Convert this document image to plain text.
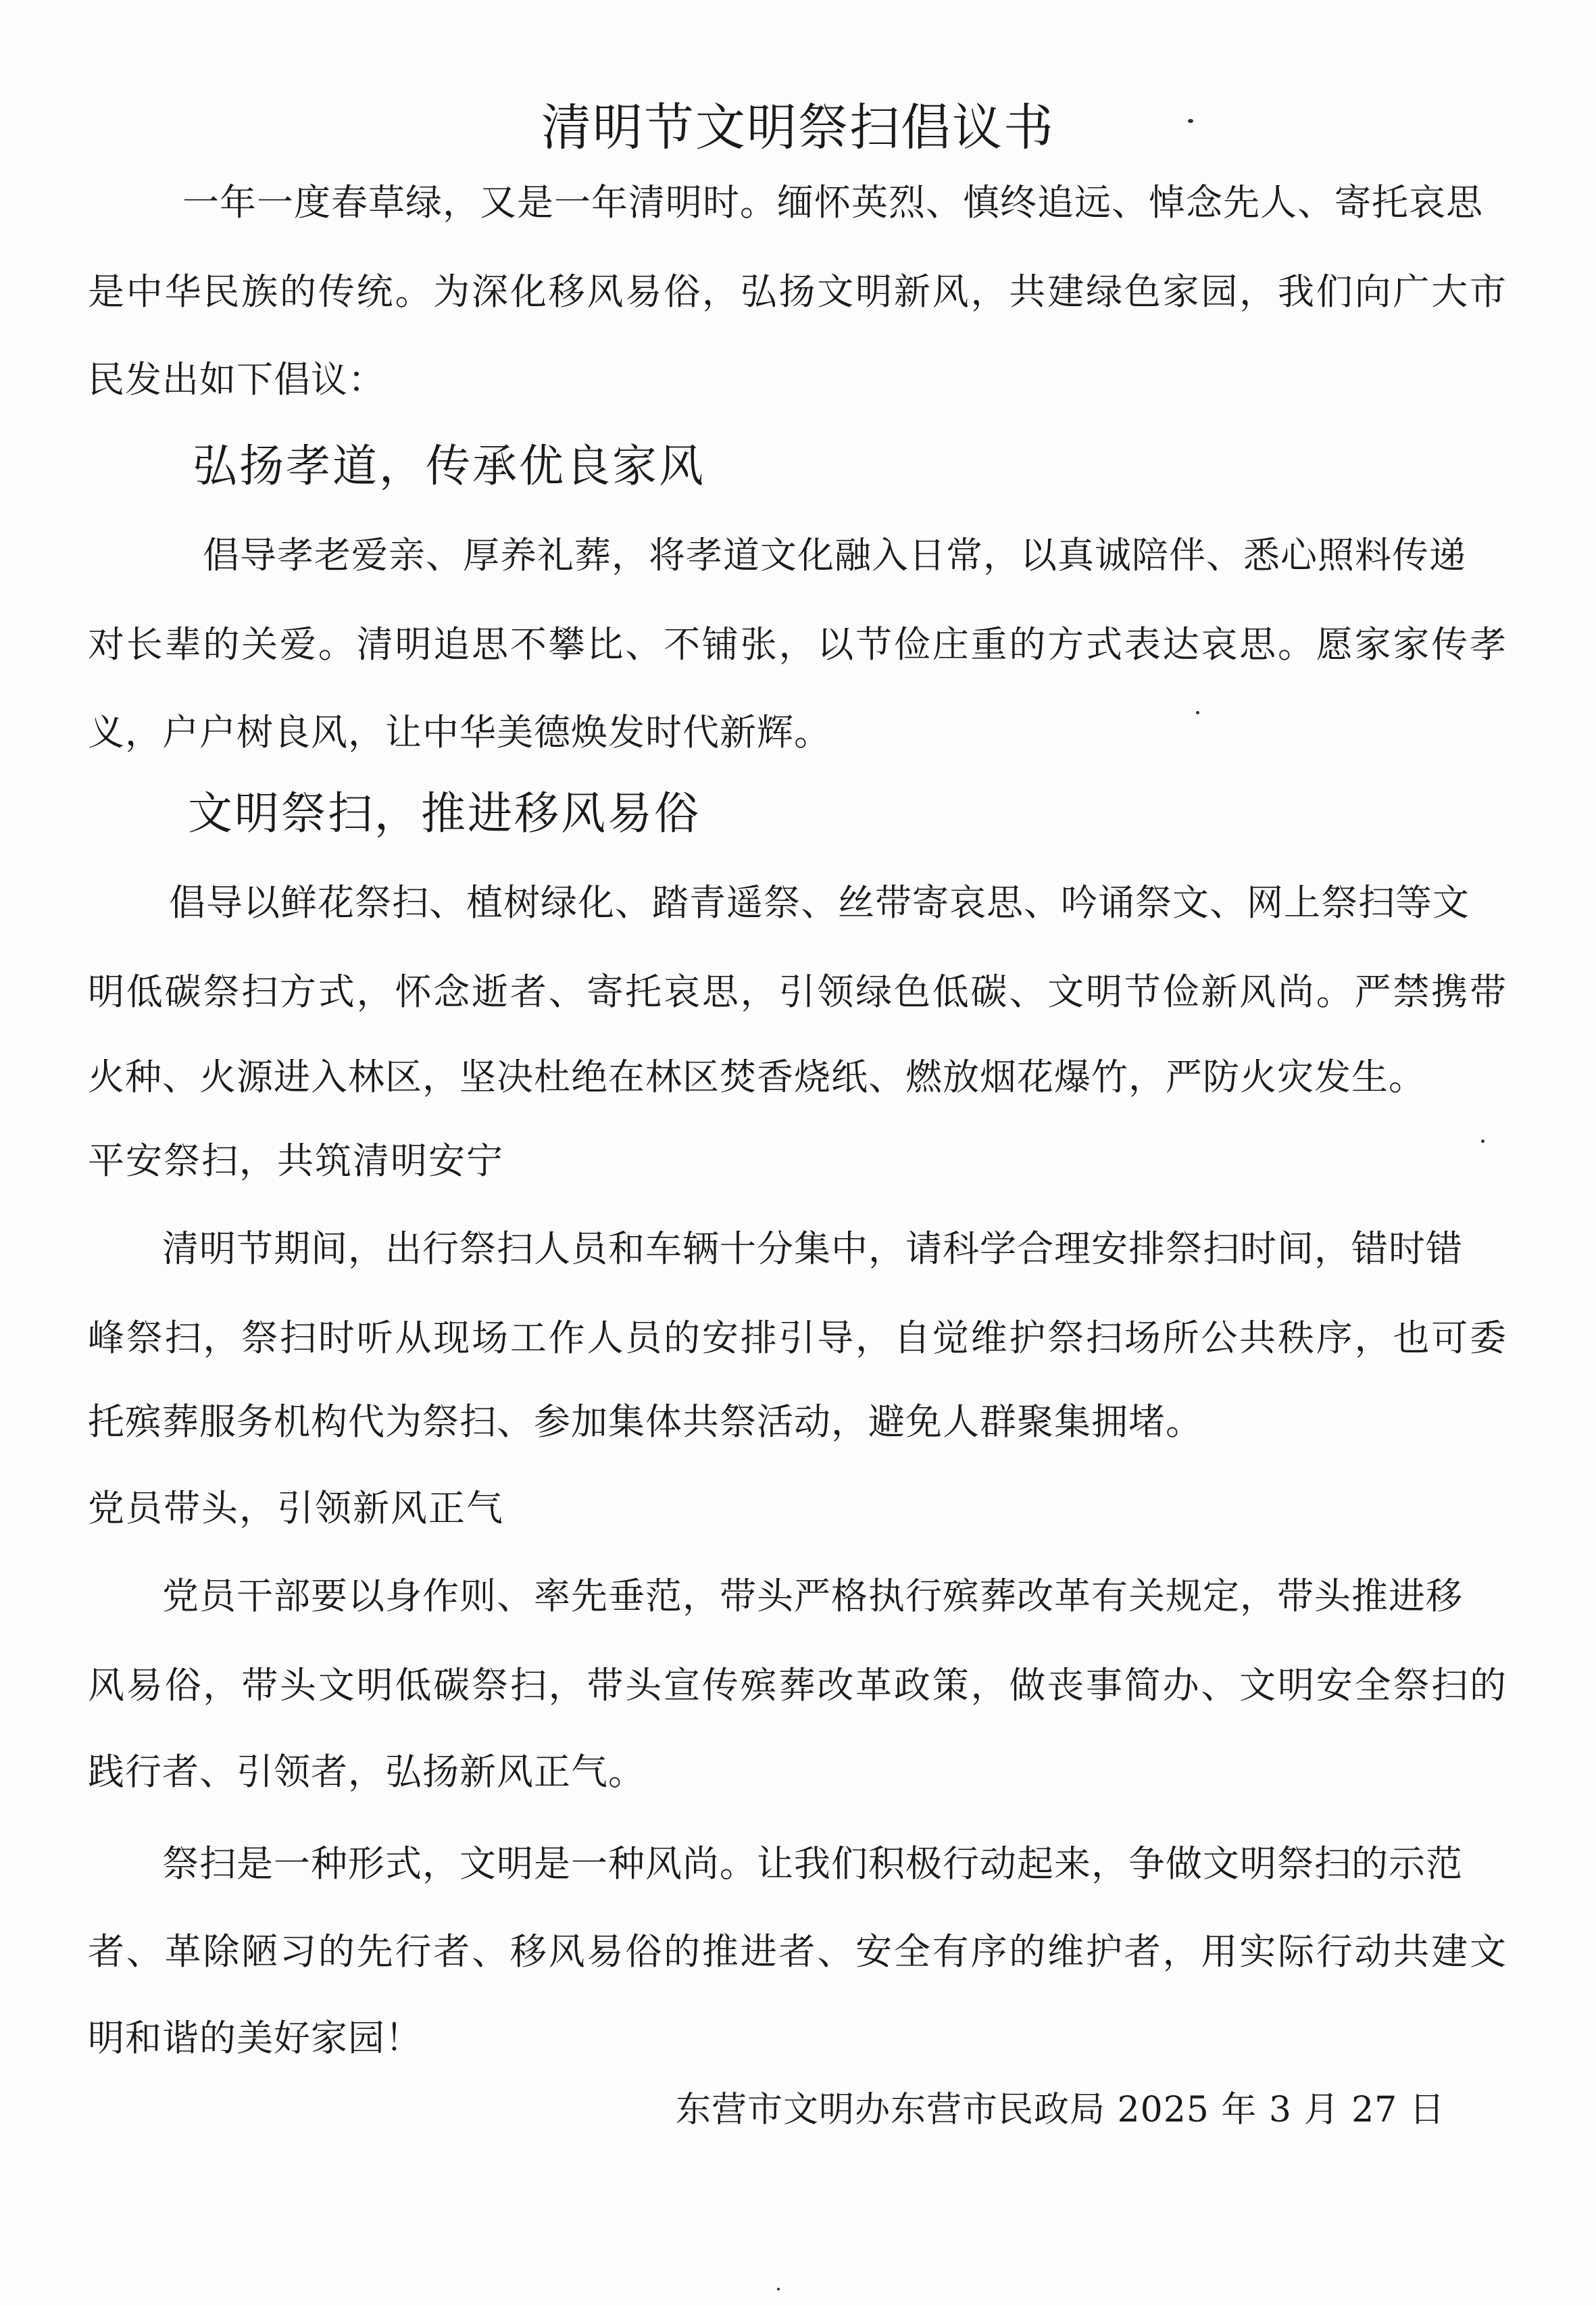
清明节文明祭扫倡议书
一年一度春草绿，又是一年清明时。缅怀英烈、慎终追远、悼念先人、寄托哀思
是中华民族的传统。为深化移风易俗，弘扬文明新风，共建绿色家园，我们向广大市
民发出如下倡议：
弘扬孝道，传承优良家风
倡导孝老爱亲、厚养礼葬，将孝道文化融入日常，以真诚陪伴、悉心照料传递
对长辈的关爱。清明追思不攀比、不铺张，以节俭庄重的方式表达哀思。愿家家传孝
义，户户树良风，让中华美德焕发时代新辉。
文明祭扫，推进移风易俗
倡导以鲜花祭扫、植树绿化、踏青遥祭、丝带寄哀思、吟诵祭文、网上祭扫等文
明低碳祭扫方式，怀念逝者、寄托哀思，引领绿色低碳、文明节俭新风尚。严禁携带
火种、火源进入林区，坚决杜绝在林区焚香烧纸、燃放烟花爆竹，严防火灾发生。
平安祭扫，共筑清明安宁
清明节期间，出行祭扫人员和车辆十分集中，请科学合理安排祭扫时间，错时错
峰祭扫，祭扫时听从现场工作人员的安排引导，自觉维护祭扫场所公共秩序，也可委
托殡葬服务机构代为祭扫、参加集体共祭活动，避免人群聚集拥堵。
党员带头，引领新风正气
党员干部要以身作则、率先垂范，带头严格执行殡葬改革有关规定，带头推进移
风易俗，带头文明低碳祭扫，带头宣传殡葬改革政策，做丧事简办、文明安全祭扫的
践行者、引领者，弘扬新风正气。
祭扫是一种形式，文明是一种风尚。让我们积极行动起来，争做文明祭扫的示范
者、革除陋习的先行者、移风易俗的推进者、安全有序的维护者，用实际行动共建文
明和谐的美好家园！
东营市文明办东营市民政局 2025 年 3 月 27 日
